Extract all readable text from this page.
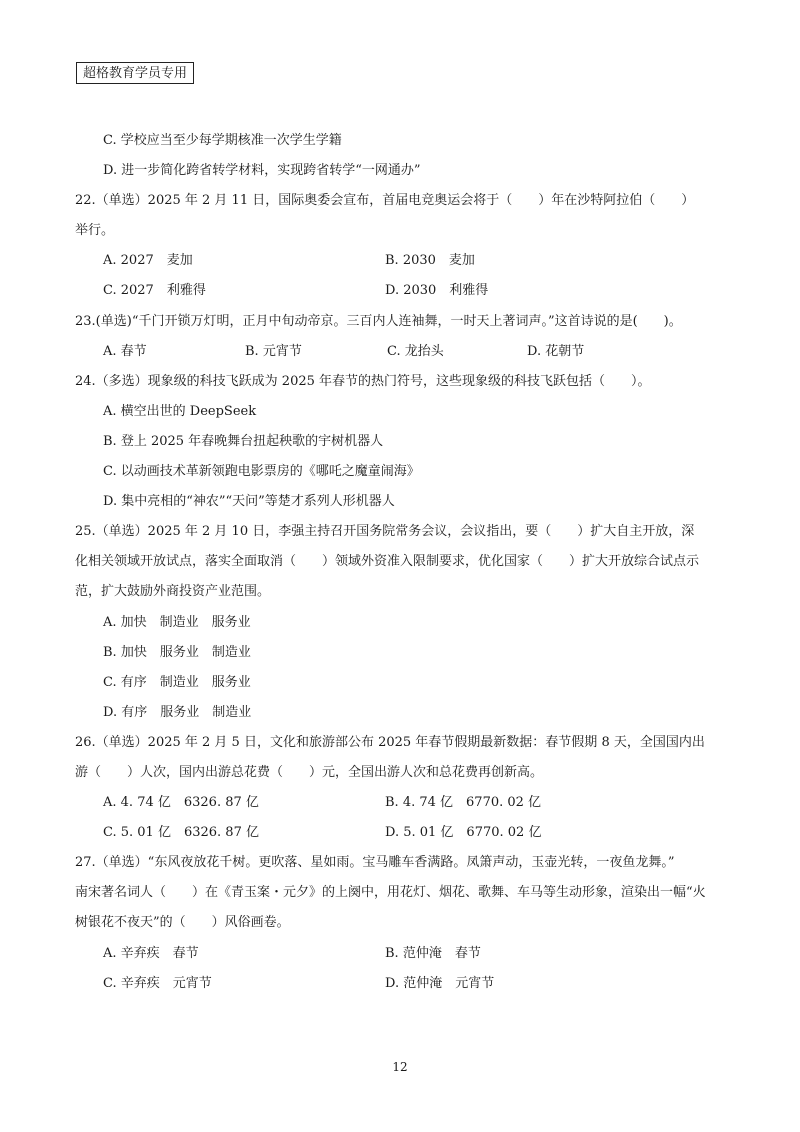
超格教育学员专用
C. 学校应当至少每学期核准一次学生学籍
D. 进一步简化跨省转学材料，实现跨省转学“一网通办”
22.（单选）2025 年 2 月 11 日，国际奥委会宣布，首届电竞奥运会将于（　　）年在沙特阿拉伯（　　）
举行。
A. 2027　麦加	B. 2030　麦加
C. 2027　利雅得	D. 2030　利雅得
23.(单选)“千门开锁万灯明，正月中旬动帝京。三百内人连袖舞，一时天上著词声。”这首诗说的是(　　)。
A. 春节	B. 元宵节	C. 龙抬头	D. 花朝节
24.（多选）现象级的科技飞跃成为 2025 年春节的热门符号，这些现象级的科技飞跃包括（　　）。
A. 横空出世的 DeepSeek
B. 登上 2025 年春晚舞台扭起秧歌的宇树机器人
C. 以动画技术革新领跑电影票房的《哪吒之魔童闹海》
D. 集中亮相的“神农”“天问”等楚才系列人形机器人
25.（单选）2025 年 2 月 10 日，李强主持召开国务院常务会议，会议指出，要（　　）扩大自主开放，深
化相关领域开放试点，落实全面取消（　　）领域外资准入限制要求，优化国家（　　）扩大开放综合试点示
范，扩大鼓励外商投资产业范围。
A. 加快　制造业　服务业
B. 加快　服务业　制造业
C. 有序　制造业　服务业
D. 有序　服务业　制造业
26.（单选）2025 年 2 月 5 日，文化和旅游部公布 2025 年春节假期最新数据：春节假期 8 天，全国国内出
游（　　）人次，国内出游总花费（　　）元，全国出游人次和总花费再创新高。
A. 4. 74 亿　6326. 87 亿	B. 4. 74 亿　6770. 02 亿
C. 5. 01 亿　6326. 87 亿	D. 5. 01 亿　6770. 02 亿
27.（单选）“东风夜放花千树。更吹落、星如雨。宝马雕车香满路。凤箫声动，玉壶光转，一夜鱼龙舞。”
南宋著名词人（　　）在《青玉案・元夕》的上阕中，用花灯、烟花、歌舞、车马等生动形象，渲染出一幅“火
树银花不夜天”的（　　）风俗画卷。
A. 辛弃疾　春节	B. 范仲淹　春节
C. 辛弃疾　元宵节	D. 范仲淹　元宵节
12
